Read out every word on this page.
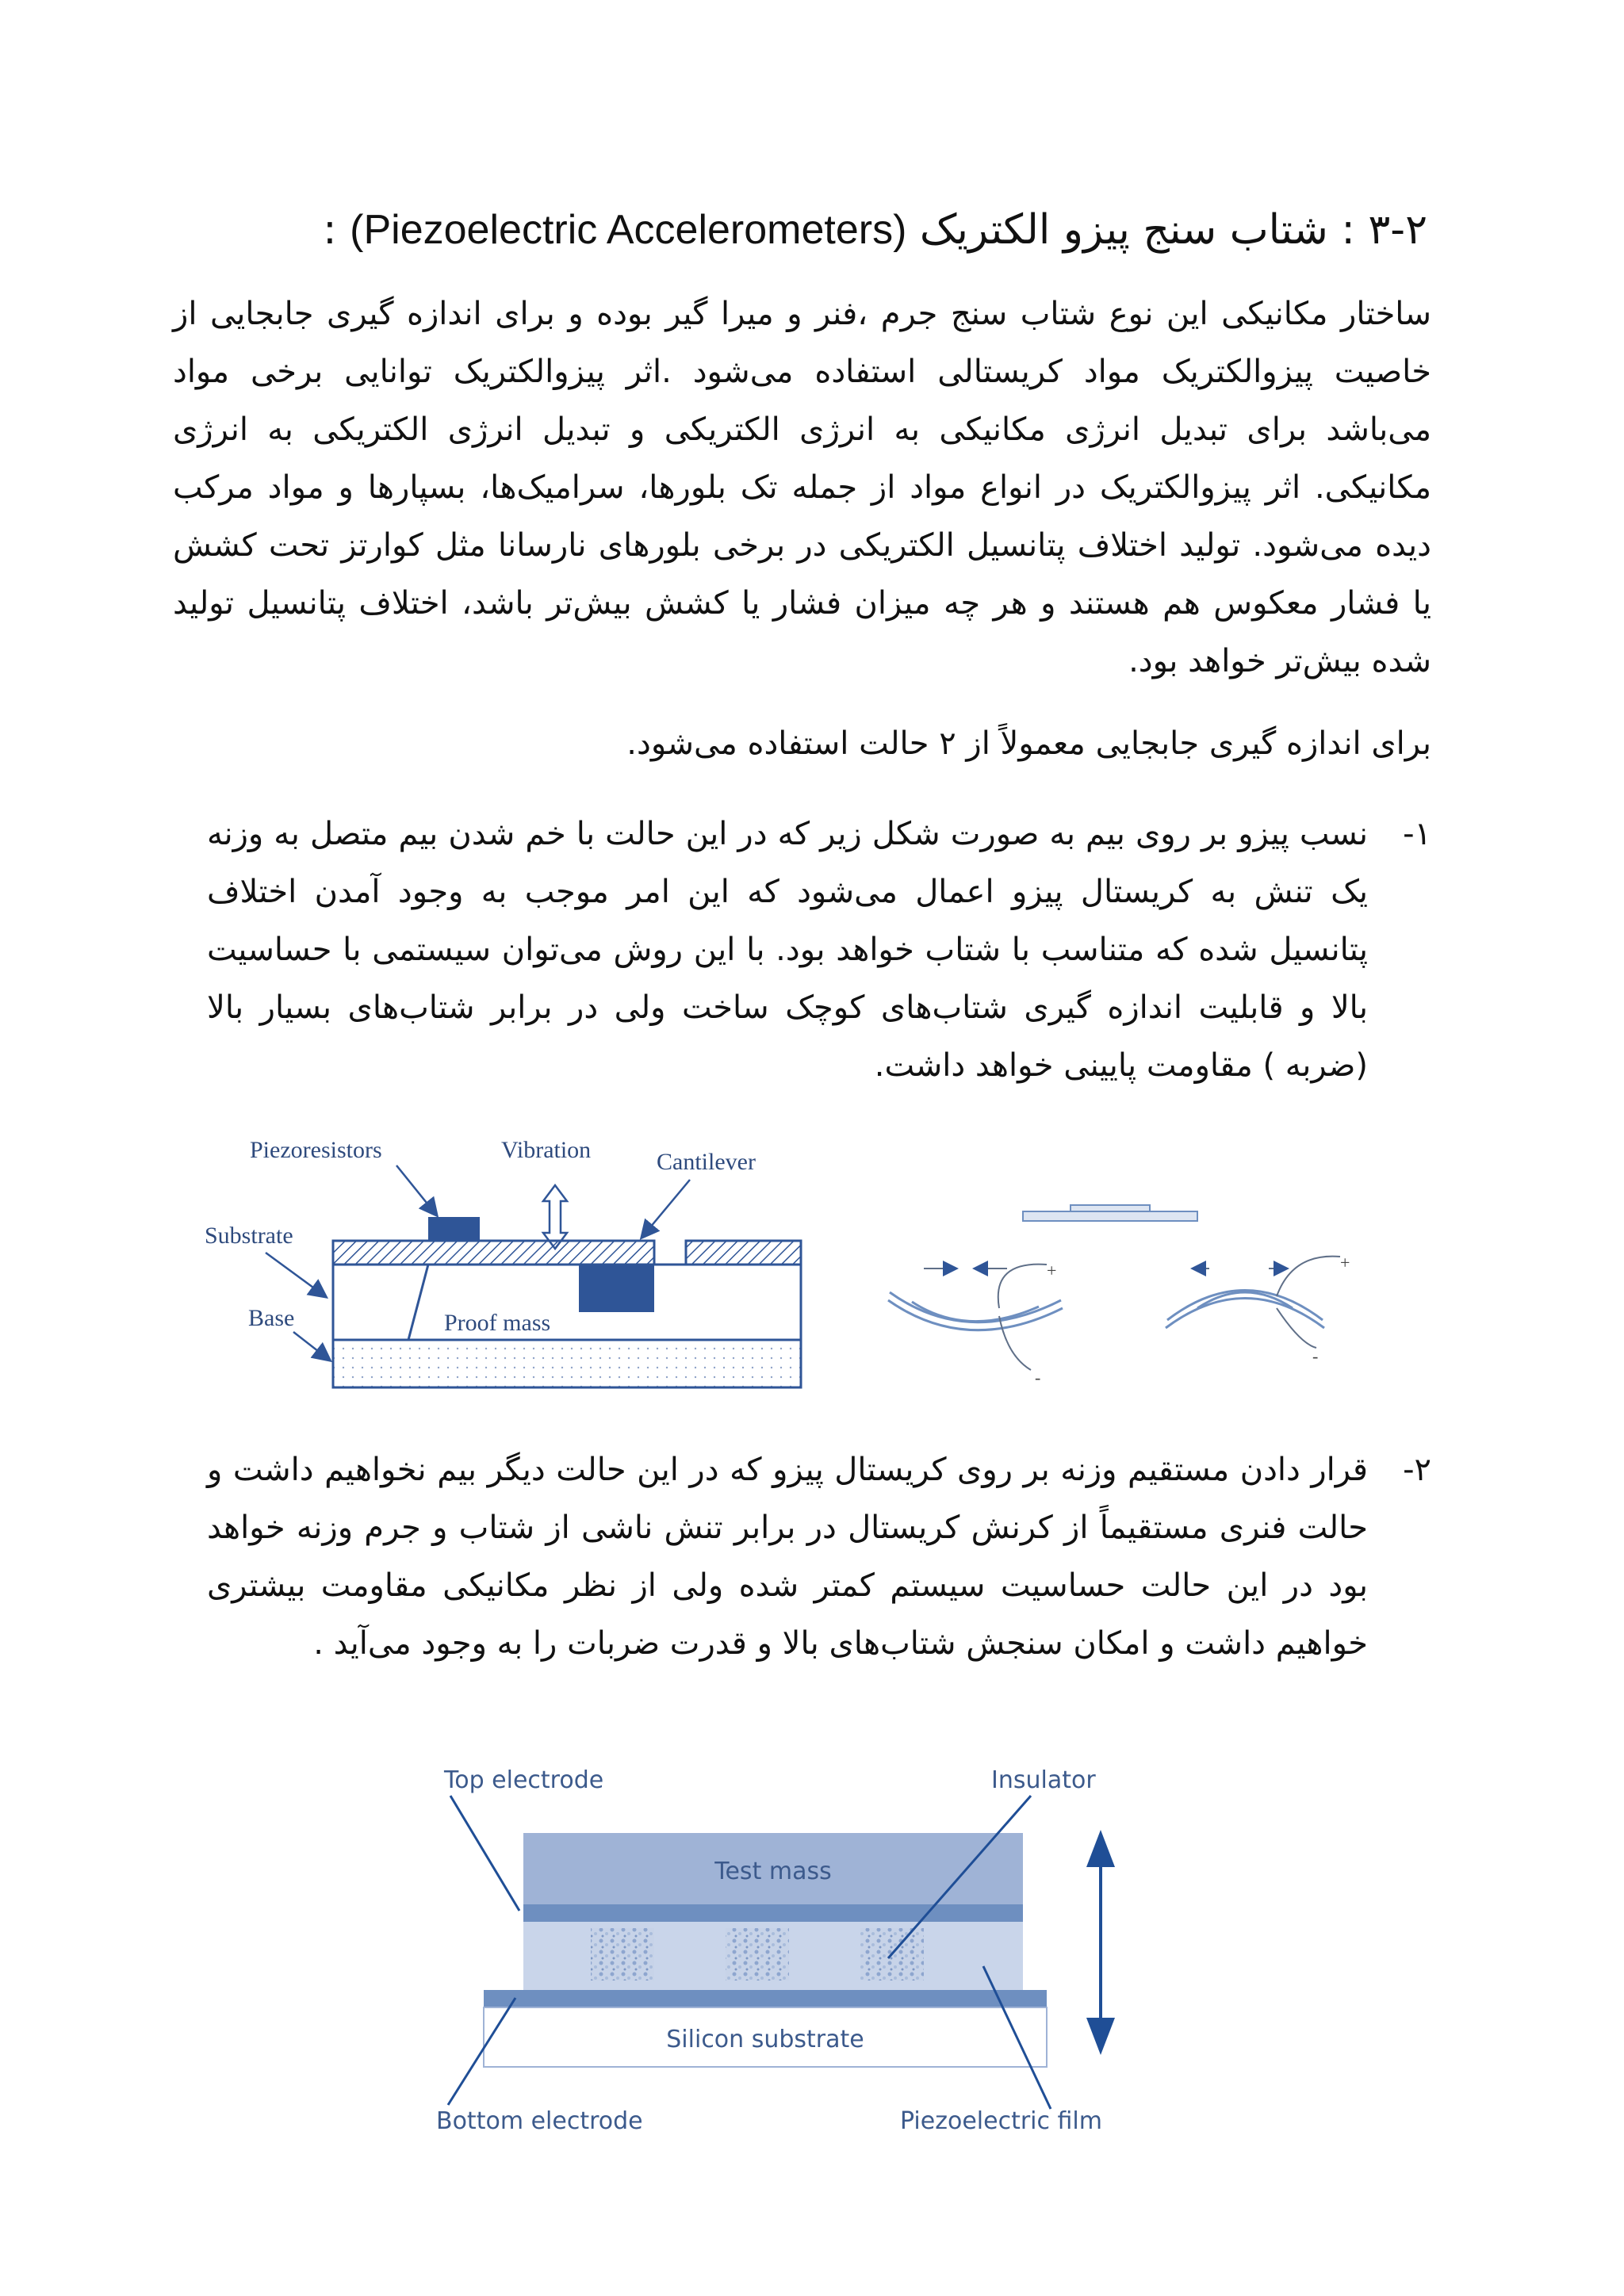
۳-۲ : شتاب سنج پیزو الکتریک (Piezoelectric Accelerometers) :

ساختار مکانیکی این نوع شتاب سنج جرم ،فنر و میرا گیر بوده و برای اندازه گیری جابجایی از خاصیت پیزوالکتریک مواد کریستالی استفاده می‌شود .اثر پیزوالکتریک توانایی برخی مواد می‌باشد برای تبدیل انرژی مکانیکی به انرژی الکتریکی و تبدیل انرژی الکتریکی به انرژی مکانیکی. اثر پیزوالکتریک در انواع مواد از جمله تک بلورها، سرامیک‌ها، بسپارها و مواد مرکب دیده می‌شود. تولید اختلاف پتانسیل الکتریکی در برخی بلورهای نارسانا مثل کوارتز تحت کشش یا فشار معکوس هم هستند و هر چه میزان فشار یا کشش بیش‌تر باشد، اختلاف پتانسیل تولید شده بیش‌تر خواهد بود.

برای اندازه گیری جابجایی معمولاً از ۲ حالت استفاده می‌شود.

۱-

نسب پیزو بر روی بیم به صورت شکل زیر که در این حالت با خم شدن بیم متصل به وزنه یک تنش به کریستال پیزو اعمال می‌شود که این امر موجب به وجود آمدن اختلاف پتانسیل شده که متناسب با شتاب خواهد بود. با این روش می‌توان سیستمی با حساسیت بالا و قابلیت اندازه گیری شتاب‌های کوچک ساخت ولی در برابر شتاب‌های بسیار بالا (ضربه ) مقاومت پایینی خواهد داشت.

Piezoresistors	Vibration	Cantilever
Substrate
Base	Proof mass
+
-
+
-
۲-

قرار دادن مستقیم وزنه بر روی کریستال پیزو که در این حالت دیگر بیم نخواهیم داشت و حالت فنری مستقیماً از کرنش کریستال در برابر تنش ناشی از شتاب و جرم وزنه خواهد بود در این حالت حساسیت سیستم کمتر شده ولی از نظر مکانیکی مقاومت بیشتری خواهیم داشت و امکان سنجش شتاب‌های بالا و قدرت ضربات را به وجود می‌آید .

Test mass
Silicon substrate
Top electrode	Insulator
Bottom electrode	Piezoelectric film
